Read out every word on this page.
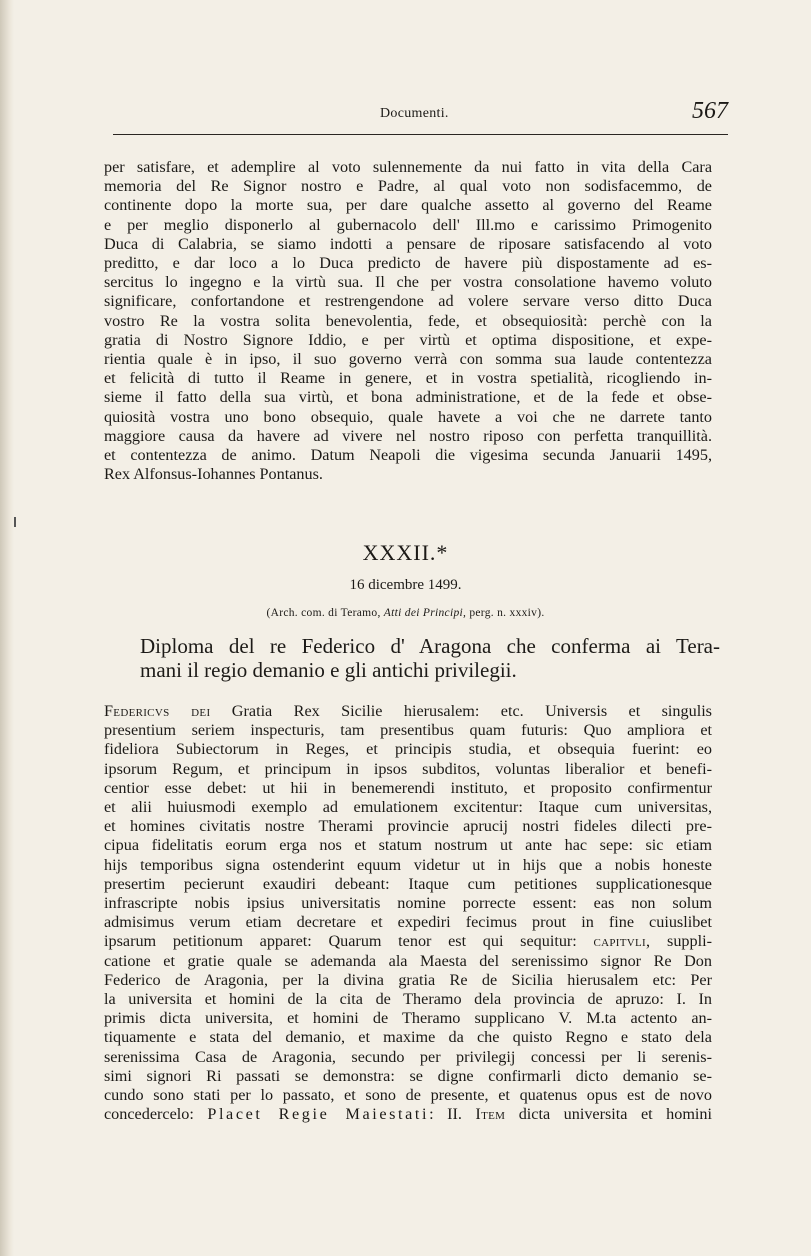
Documenti.	567
per satisfare, et ademplire al voto sulennemente da nui fatto in vita della Cara
memoria del Re Signor nostro e Padre, al qual voto non sodisfacemmo, de
continente dopo la morte sua, per dare qualche assetto al governo del Reame
e per meglio disponerlo al gubernacolo dell' Ill.mo e carissimo Primogenito
Duca di Calabria, se siamo indotti a pensare de riposare satisfacendo al voto
preditto, e dar loco a lo Duca predicto de havere più dispostamente ad es-
sercitus lo ingegno e la virtù sua. Il che per vostra consolatione havemo voluto
significare, confortandone et restrengendone ad volere servare verso ditto Duca
vostro Re la vostra solita benevolentia, fede, et obsequiosità: perchè con la
gratia di Nostro Signore Iddio, e per virtù et optima dispositione, et expe-
rientia quale è in ipso, il suo governo verrà con somma sua laude contentezza
et felicità di tutto il Reame in genere, et in vostra spetialità, ricogliendo in-
sieme il fatto della sua virtù, et bona administratione, et de la fede et obse-
quiosità vostra uno bono obsequio, quale havete a voi che ne darrete tanto
maggiore causa da havere ad vivere nel nostro riposo con perfetta tranquillità.
et contentezza de animo. Datum Neapoli die vigesima secunda Januarii 1495,
Rex Alfonsus-Iohannes Pontanus.
XXXII.*
16 dicembre 1499.
(Arch. com. di Teramo, Atti dei Principi, perg. n. xxxiv).
Diploma del re Federico d' Aragona che conferma ai Tera-
mani il regio demanio e gli antichi privilegii.
Federicvs dei Gratia Rex Sicilie hierusalem: etc. Universis et singulis
presentium seriem inspecturis, tam presentibus quam futuris: Quo ampliora et
fideliora Subiectorum in Reges, et principis studia, et obsequia fuerint: eo
ipsorum Regum, et principum in ipsos subditos, voluntas liberalior et benefi-
centior esse debet: ut hii in benemerendi instituto, et proposito confirmentur
et alii huiusmodi exemplo ad emulationem excitentur: Itaque cum universitas,
et homines civitatis nostre Therami provincie aprucij nostri fideles dilecti pre-
cipua fidelitatis eorum erga nos et statum nostrum ut ante hac sepe: sic etiam
hijs temporibus signa ostenderint equum videtur ut in hijs que a nobis honeste
presertim pecierunt exaudiri debeant: Itaque cum petitiones supplicationesque
infrascripte nobis ipsius universitatis nomine porrecte essent: eas non solum
admisimus verum etiam decretare et expediri fecimus prout in fine cuiuslibet
ipsarum petitionum apparet: Quarum tenor est qui sequitur: capitvli, suppli-
catione et gratie quale se ademanda ala Maesta del serenissimo signor Re Don
Federico de Aragonia, per la divina gratia Re de Sicilia hierusalem etc: Per
la universita et homini de la cita de Theramo dela provincia de apruzo: I. In
primis dicta universita, et homini de Theramo supplicano V. M.ta actento an-
tiquamente e stata del demanio, et maxime da che quisto Regno e stato dela
serenissima Casa de Aragonia, secundo per privilegij concessi per li serenis-
simi signori Ri passati se demonstra: se digne confirmarli dicto demanio se-
cundo sono stati per lo passato, et sono de presente, et quatenus opus est de novo
concedercelo: Placet Regie Maiestati: II. Item dicta universita et homini
